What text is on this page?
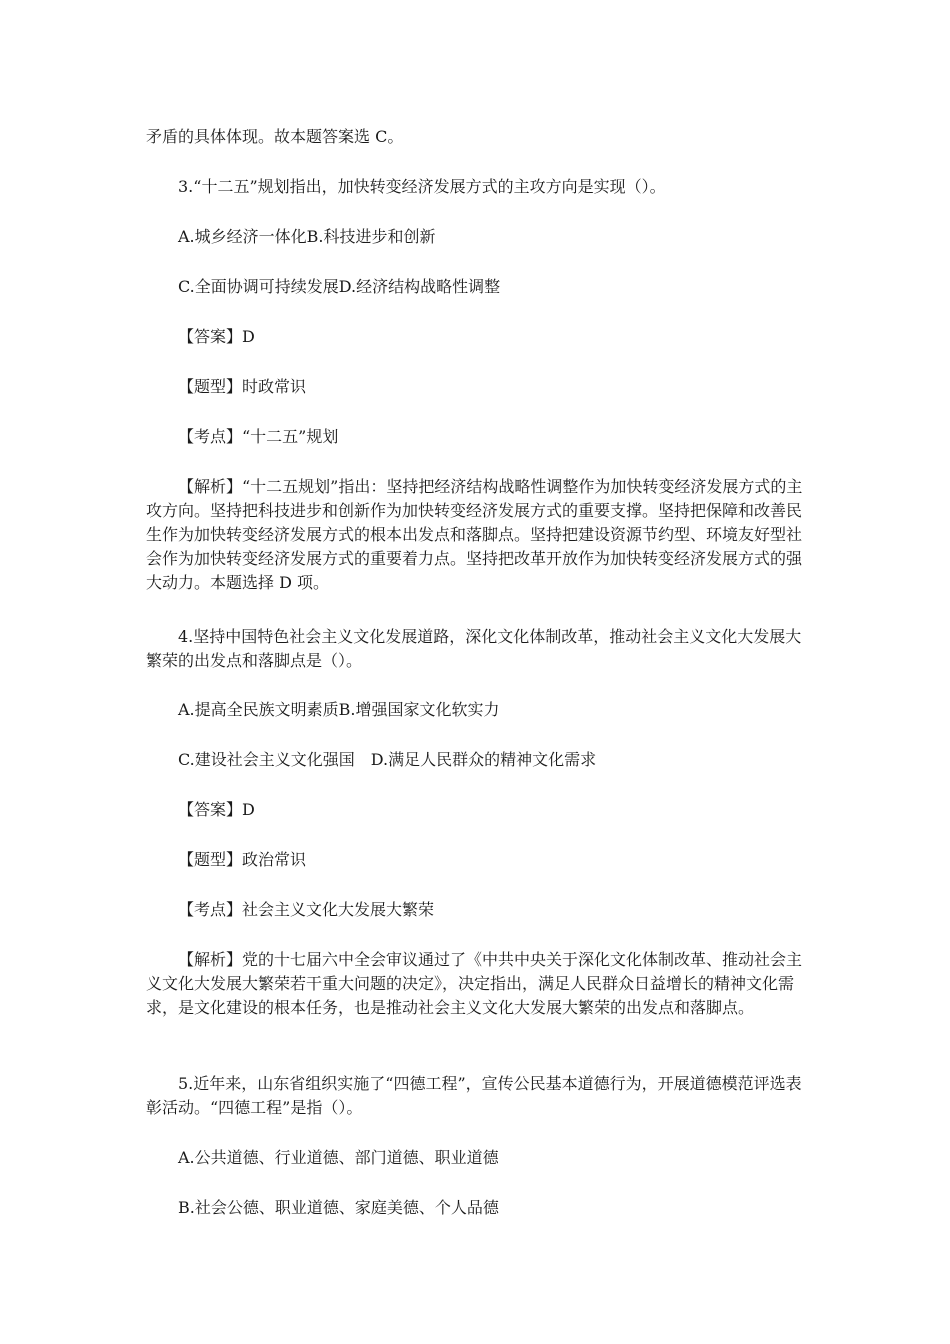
矛盾的具体体现。故本题答案选 C。
3.“十二五”规划指出，加快转变经济发展方式的主攻方向是实现（）。
A.城乡经济一体化B.科技进步和创新
C.全面协调可持续发展D.经济结构战略性调整
【答案】D
【题型】时政常识
【考点】“十二五”规划
【解析】“十二五规划”指出：坚持把经济结构战略性调整作为加快转变经济发展方式的主攻方向。坚持把科技进步和创新作为加快转变经济发展方式的重要支撑。坚持把保障和改善民生作为加快转变经济发展方式的根本出发点和落脚点。坚持把建设资源节约型、环境友好型社会作为加快转变经济发展方式的重要着力点。坚持把改革开放作为加快转变经济发展方式的强大动力。本题选择 D 项。
4.坚持中国特色社会主义文化发展道路，深化文化体制改革，推动社会主义文化大发展大繁荣的出发点和落脚点是（）。
A.提高全民族文明素质B.增强国家文化软实力
C.建设社会主义文化强国 D.满足人民群众的精神文化需求
【答案】D
【题型】政治常识
【考点】社会主义文化大发展大繁荣
【解析】党的十七届六中全会审议通过了《中共中央关于深化文化体制改革、推动社会主义文化大发展大繁荣若干重大问题的决定》，决定指出，满足人民群众日益增长的精神文化需求，是文化建设的根本任务，也是推动社会主义文化大发展大繁荣的出发点和落脚点。
5.近年来，山东省组织实施了“四德工程”，宣传公民基本道德行为，开展道德模范评选表彰活动。“四德工程”是指（）。
A.公共道德、行业道德、部门道德、职业道德
B.社会公德、职业道德、家庭美德、个人品德
